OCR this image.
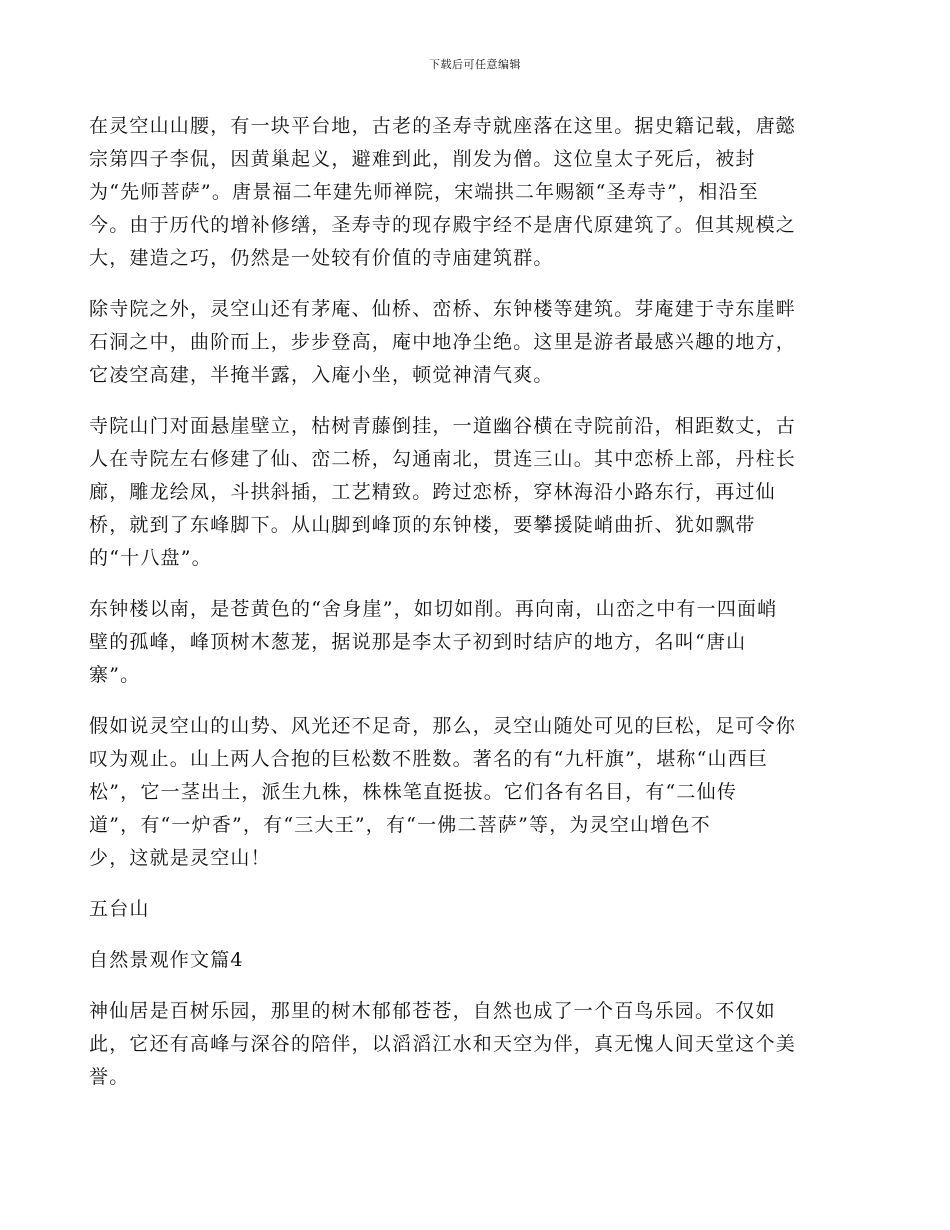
下载后可任意编辑

在灵空山山腰，有一块平台地，古老的圣寿寺就座落在这里。据史籍记载，唐懿
宗第四子李侃，因黄巢起义，避难到此，削发为僧。这位皇太子死后，被封
为“先师菩萨”。唐景福二年建先师禅院，宋端拱二年赐额“圣寿寺”，相沿至
今。由于历代的增补修缮，圣寿寺的现存殿宇经不是唐代原建筑了。但其规模之
大，建造之巧，仍然是一处较有价值的寺庙建筑群。

除寺院之外，灵空山还有茅庵、仙桥、峦桥、东钟楼等建筑。芽庵建于寺东崖畔
石洞之中，曲阶而上，步步登高，庵中地净尘绝。这里是游者最感兴趣的地方，
它凌空高建，半掩半露，入庵小坐，顿觉神清气爽。

寺院山门对面悬崖壁立，枯树青藤倒挂，一道幽谷横在寺院前沿，相距数丈，古
人在寺院左右修建了仙、峦二桥，勾通南北，贯连三山。其中恋桥上部，丹柱长
廊，雕龙绘凤，斗拱斜插，工艺精致。跨过恋桥，穿林海沿小路东行，再过仙
桥，就到了东峰脚下。从山脚到峰顶的东钟楼，要攀援陡峭曲折、犹如飘带
的“十八盘”。

东钟楼以南，是苍黄色的“舍身崖”，如切如削。再向南，山峦之中有一四面峭
壁的孤峰，峰顶树木葱茏，据说那是李太子初到时结庐的地方，名叫“唐山
寨”。

假如说灵空山的山势、风光还不足奇，那么，灵空山随处可见的巨松，足可令你
叹为观止。山上两人合抱的巨松数不胜数。著名的有“九杆旗”，堪称“山西巨
松”，它一茎出土，派生九株，株株笔直挺拔。它们各有名目，有“二仙传
道”，有“一炉香”，有“三大王”，有“一佛二菩萨”等，为灵空山增色不
少，这就是灵空山！

五台山

自然景观作文篇4

神仙居是百树乐园，那里的树木郁郁苍苍，自然也成了一个百鸟乐园。不仅如
此，它还有高峰与深谷的陪伴，以滔滔江水和天空为伴，真无愧人间天堂这个美
誉。
